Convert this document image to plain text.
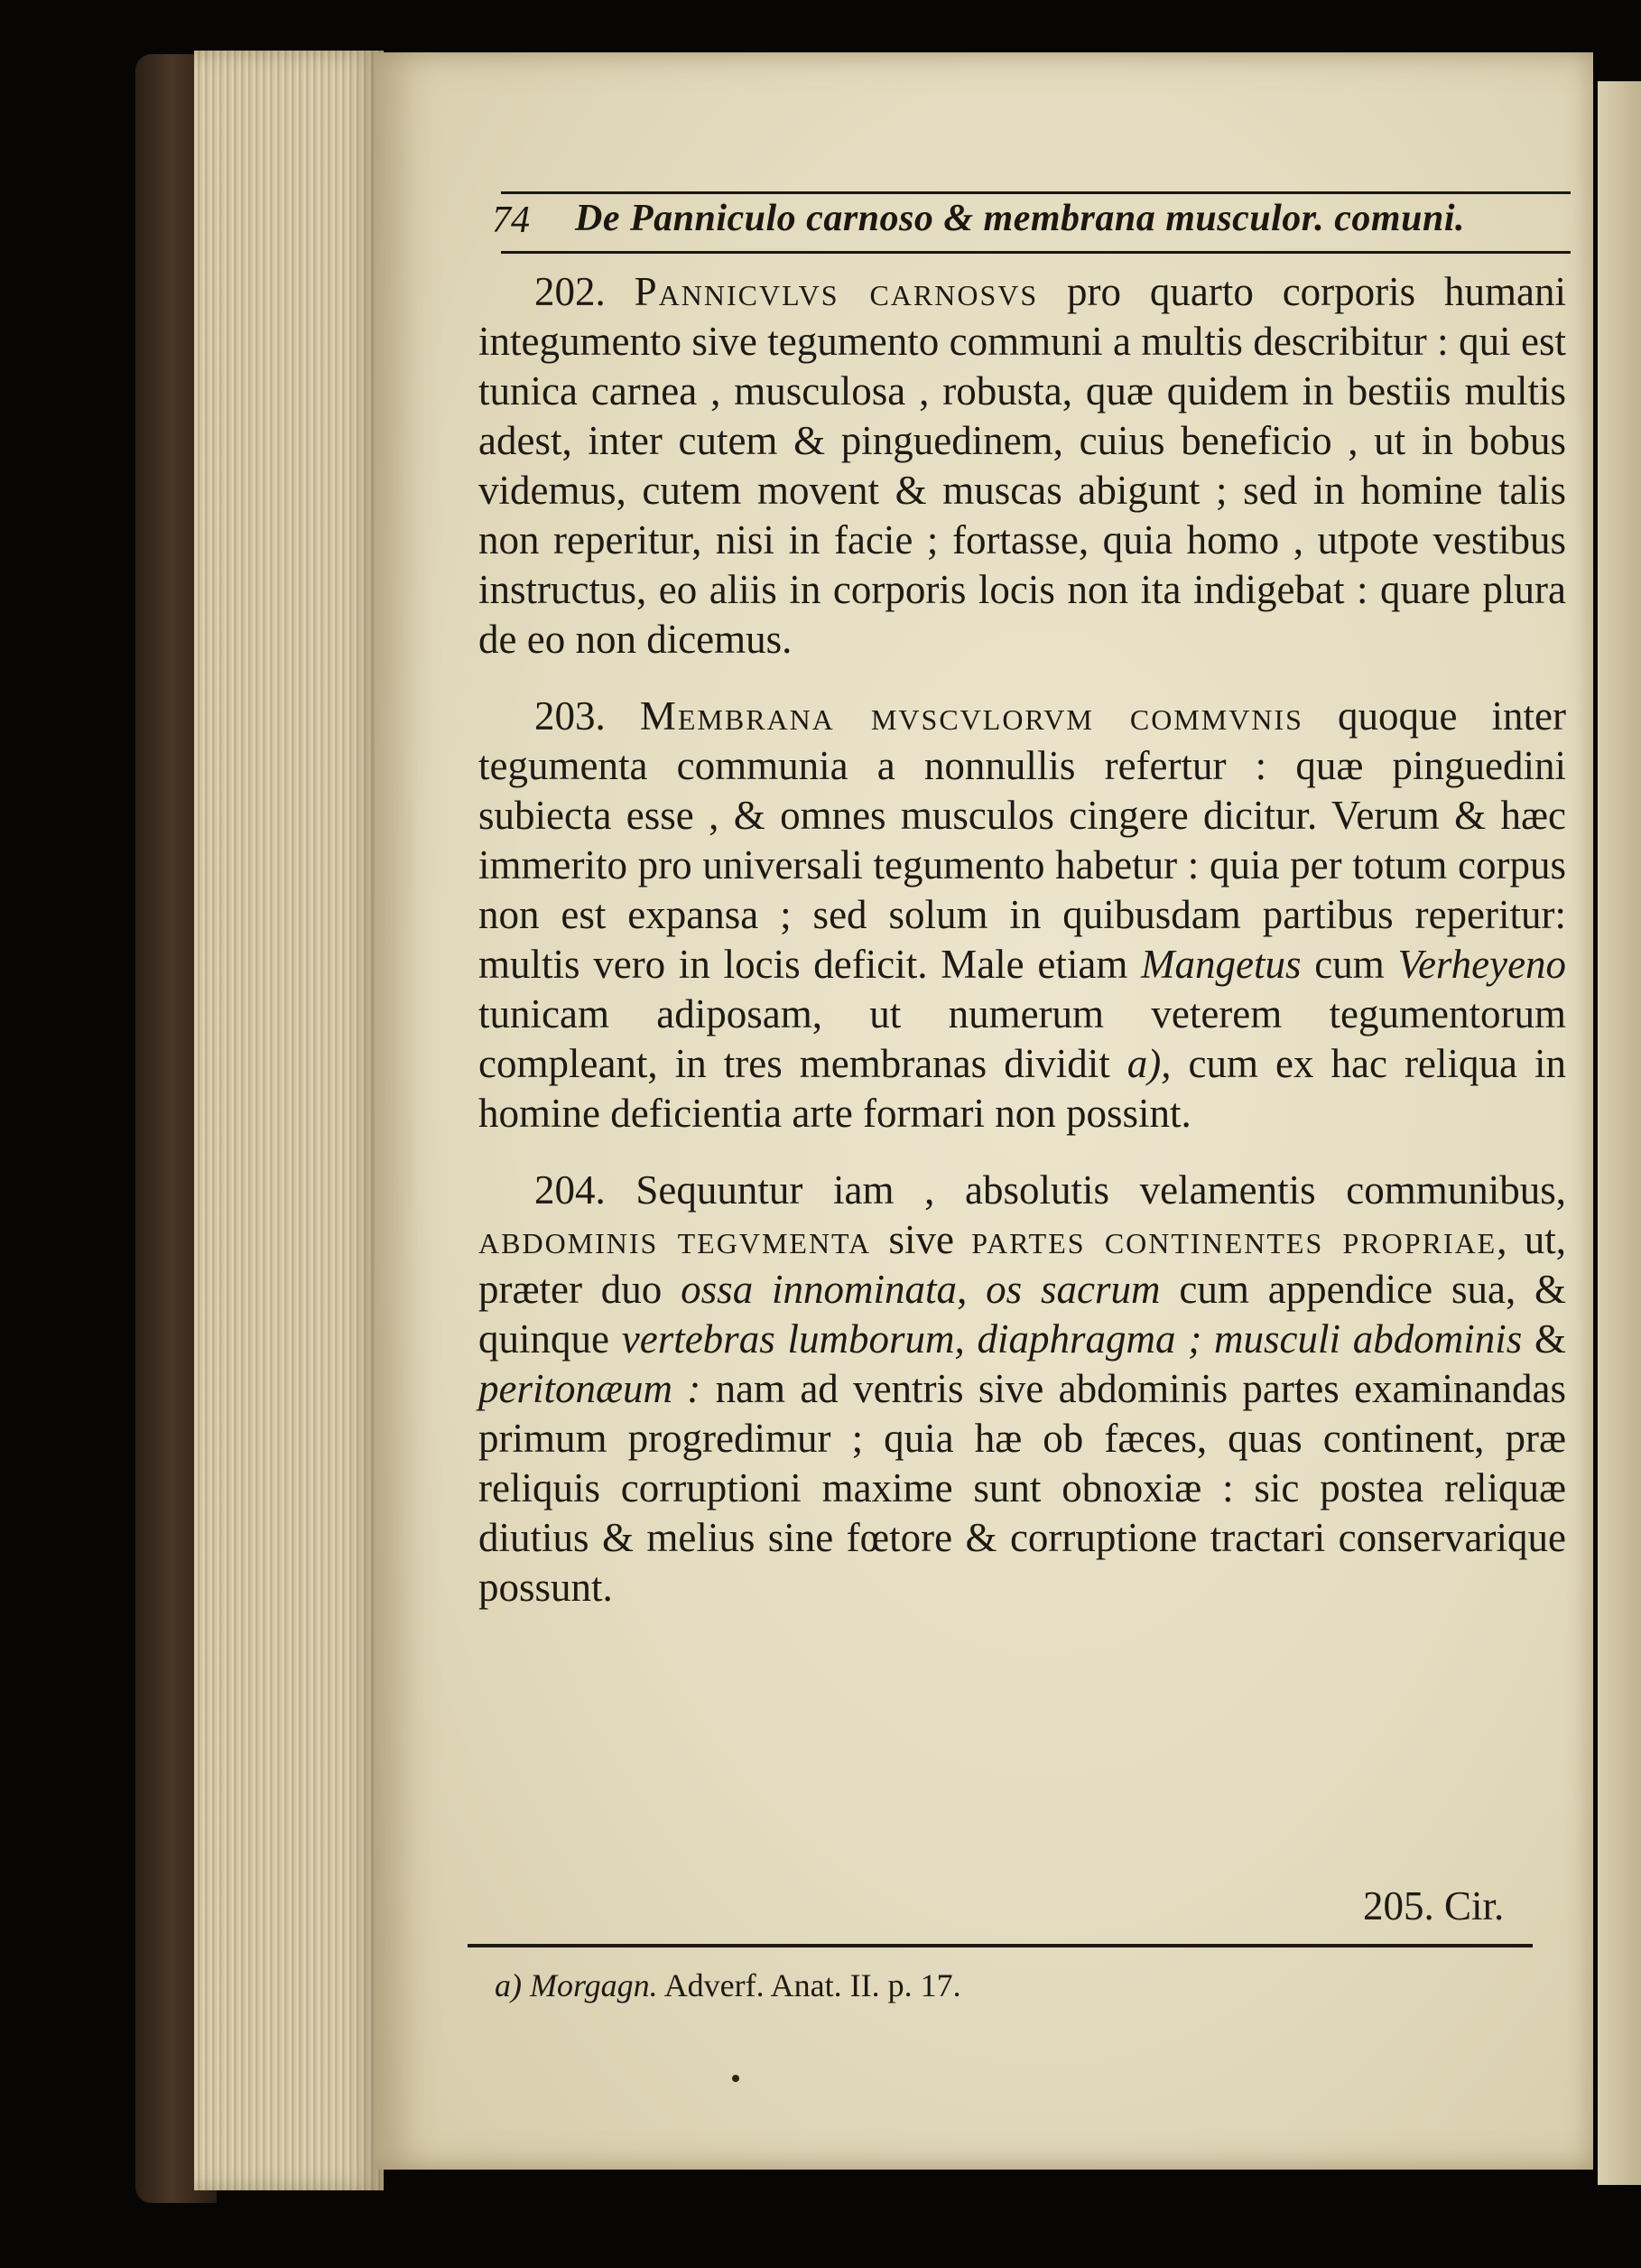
74 De Panniculo carnoso & membrana musculor. comuni.

202. Pannicvlvs carnosvs pro quarto corporis humani integumento sive tegumento communi a multis describitur : qui est tunica carnea , musculosa , robusta, quæ quidem in bestiis multis adest, inter cutem & pinguedinem, cuius beneficio , ut in bobus videmus, cutem movent & muscas abigunt ; sed in homine talis non reperitur, nisi in facie ; fortasse, quia homo , utpote vestibus instructus, eo aliis in corporis locis non ita indigebat : quare plura de eo non dicemus.

203. Membrana mvscvlorvm commvnis quoque inter tegumenta communia a nonnullis refertur : quæ pinguedini subiecta esse , & omnes musculos cingere dicitur. Verum & hæc immerito pro universali tegumento habetur : quia per totum corpus non est expansa ; sed solum in quibusdam partibus reperitur: multis vero in locis deficit. Male etiam Mangetus cum Verheyeno tunicam adiposam, ut numerum veterem tegumentorum compleant, in tres membranas dividit a), cum ex hac reliqua in homine deficientia arte formari non possint.

204. Sequuntur iam , absolutis velamentis communibus, abdominis tegvmenta sive partes continentes propriae, ut, præter duo ossa innominata, os sacrum cum appendice sua, & quinque vertebras lumborum, diaphragma ; musculi abdominis & peritonæum : nam ad ventris sive abdominis partes examinandas primum progredimur ; quia hæ ob fæces, quas continent, præ reliquis corruptioni maxime sunt obnoxiæ : sic postea reliquæ diutius & melius sine fœtore & corruptione tractari conservarique possunt.

205. Cir.
a) Morgagn. Adverf. Anat. II. p. 17.
